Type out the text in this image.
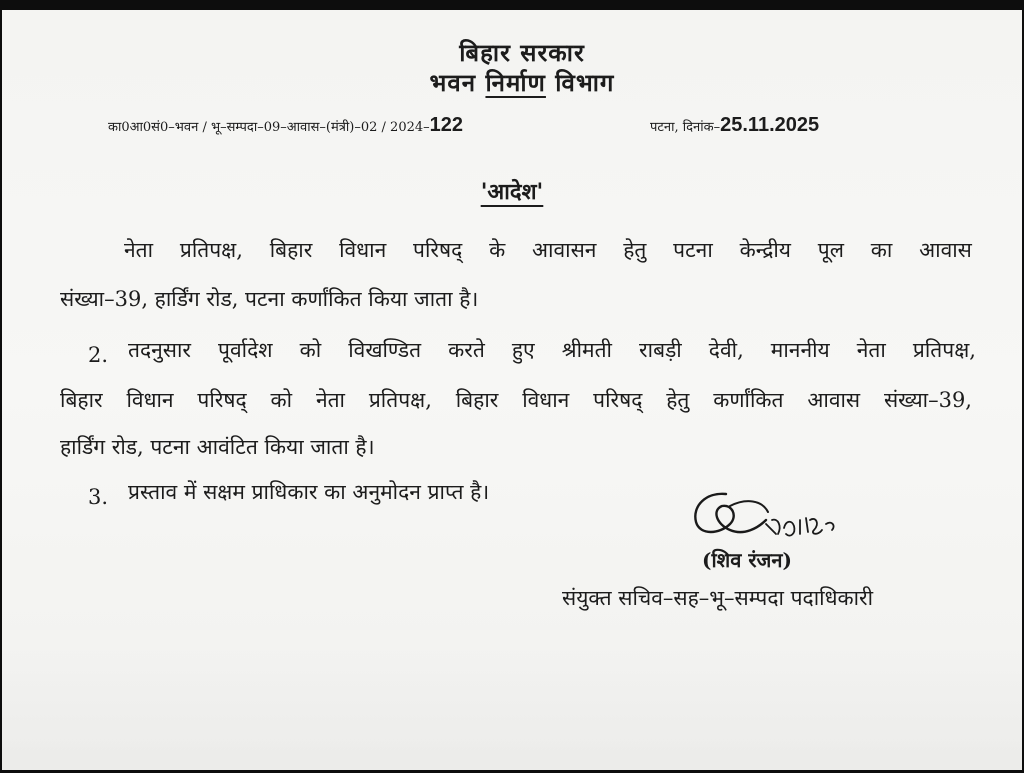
बिहार सरकार
भवन निर्माण विभाग
का0आ0सं0–भवन / भू–सम्पदा–09–आवास–(मंत्री)–02 / 2024–122	पटना, दिनांक–25.11.2025
'आदेश'
नेता प्रतिपक्ष, बिहार विधान परिषद् के आवासन हेतु पटना केन्द्रीय पूल का आवास
संख्या–39, हार्डिंग रोड, पटना कर्णांकित किया जाता है।
2. तदनुसार पूर्वादेश को विखण्डित करते हुए श्रीमती राबड़ी देवी, माननीय नेता प्रतिपक्ष,
बिहार विधान परिषद् को नेता प्रतिपक्ष, बिहार विधान परिषद् हेतु कर्णांकित आवास संख्या–39,
हार्डिंग रोड, पटना आवंटित किया जाता है।
3. प्रस्ताव में सक्षम प्राधिकार का अनुमोदन प्राप्त है।
(शिव रंजन)
संयुक्त सचिव–सह–भू–सम्पदा पदाधिकारी
